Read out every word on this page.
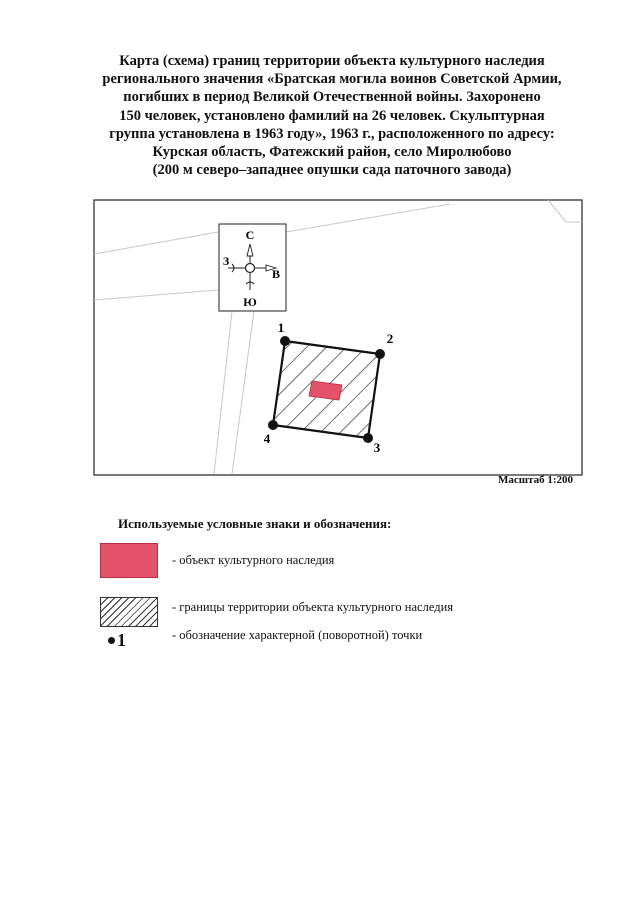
Карта (схема) границ территории объекта культурного наследия
регионального значения «Братская могила воинов Советской Армии,
погибших в период Великой Отечественной войны. Захоронено
150 человек, установлено фамилий на 26 человек. Скульптурная
группа установлена в 1963 году», 1963 г., расположенного по адресу:
Курская область, Фатежский район, село Миролюбово
(200 м северо–западнее опушки сада паточного завода)
С
Ю
З
В
1
2
3
4
Масштаб 1:200
Используемые условные знаки и обозначения:
- объект культурного наследия
- границы территории объекта культурного наследия
1	- обозначение характерной (поворотной) точки
